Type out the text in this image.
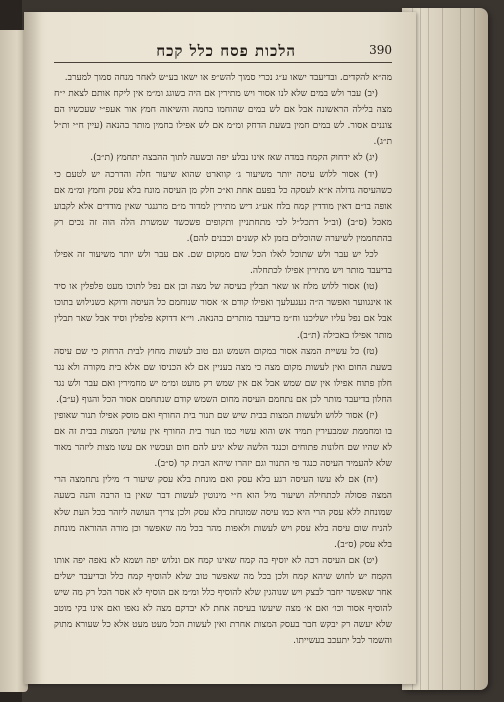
הלכות פסח כלל קכח	390

מה״א להקדים. ובדיעבד ישאו ע״ג נכרי סמוך להש״פ או ישאו בע״ש לאחר מנחה סמוך למערב.

(יב) עבר ולש במים שלא לנו אסור ויש מתירין אם היה בשוגג ומ״מ אין ליקח אותם לצאת י״ח מצה בלילה הראשונה אבל אם לש במים שהוחמו בחמה והשיאוה חמץ אור אעפ״י שעכשיו הם צוננים אסור. לש במים חמין בשעת הדחק ומ״מ אם לש אפילו בחמין מותר בהנאה (עיין ח״י ות״ל ת״ג).

(יג) לא ידחוק הקמח במדה שאז אינו נבלע יפה ובשעה לתוך ההבצה יתחמץ (ת״ב).

(יד) אסור ללוש עיסה יותר משיעור ג׳ קווארט שהוא שיעור חלה והדרכה יש לטעם כי כשהעיסה גדולה א״א לעסקה כל בפעם אחת וא״כ חלק מן העיסה מונח בלא עסק וחמץ ומ״מ אם אופה בו״ם דאין מודדין קמח בלח אע״ג דיש מתירין למדוד מ״ם מרגנגר שאין מודדים אלא לקבוע מאכל (ס״ב) (וב״ל דתכל״ל לכי מתחתניין ותקופים פשכשד שמשרת הלה הוה זה נכים רק בהתחממין לשיערה שהוכלים בזמן לא קשנים וכבנים להם).

לכל יש עבר ולש שתוכל לאלו הכל שום ממקום שם. אם עבר ולש יותר משיעור זה אפילו בדיעבד מותר ויש מתירין אפילו לכתחלה.

(טו) אסור ללוש מלח או שאר תבלין בעיסה של מצה ובן אם נפל לתוכו מעט פלפלין או סיד או אינגווער ואפשר ה״ה נעגעלעך ואפילו קודם א׳ אסור שנוחמם כל העיסה ודוקא כשנילוש בתוכו אבל אם נפל עליו ישליכנו וח״מ בדיעבד מותרים בהנאה. וי״א דדוקא פלפלין וסיד אבל שאר תבלין מותר אפילו באכילה (ת״ב).

(טז) כל עשיית המצה אסור במקום השמש וגם טוב לעשות מחוץ לבית הרחוק כי שם עיסה בשעת החום ואין לעשות מקום מצה כי מצה בעניין אם לא הכניסו שם אלא בית מקורה ולא נגד חלון פתוח אפילו אין שם שמש אבל אם אין שמש רק מועט ומ״מ יש מחמירין ואם עבר ולש נגד החלון בדיעבד מותר לכן אם נתחמם העיסה מחום השמש קודם שנתחמם אסור הכל והגוף (ע״ב).

(יז) אסור ללוש ולעשות המצות בבית שיש שם תנור בית החורף ואם מוסק אפילו תנור שאופין בו ומחממת שמבעירין תמיד אש והוא עשוי כמו תנור בית החורף אין עושין המצות בבית זה אם לא שהיו שם חלונות פתוחים וכנגד הלשה שלא יגיע להם חום ועכשיו אם עשו מצות ליזהר מאוד שלא להעמיד העיסה כנגד פי התנור וגם יזהרו שיהא הבית קר (ס״ב).

(יח) אם לא עשו העיסה רגע בלא עסק ואם מונחת בלא עסק שיעור ד׳ מילין נתחמצה הרי המצה פסולה לכתחילה ושיעור מיל הוא ח״י מינוטין לעשות דבר שאין בו הרבה והנה בשעה שמונחת ללא עסק הרי היא כמו עיסה שמונחת בלא עסק ולכן צריך העושה ליזהר בכל העת שלא להניח שום עיסה בלא עסק ויש לעשות ולאפות מהר בכל מה שאפשר וכן מורה ההוראה מונחת בלא עסק (ס״ב).

(יט) אם העיסה רכה לא יוסיף בה קמח שאינו קמח אם ונלוש יפה ושמא לא נאפה יפה אותו הקמח יש לחוש שיהא קמח ולכן בכל מה שאפשר טוב שלא להוסיף קמח כלל ובדיעבד ישלים אחר שאפשר יחבר לבצק ויש שנוהגין שלא להוסיף כלל ומ״מ אם הוסיף לא אסר הכל רק מה שיש להוסיף אסור וכו׳ ואם א׳ מצה שיעשו בעיסה אחת לא יבדקם מצה לא נאפו ואם אינו בקי מוטב שלא יעשה רק יבקש חבר בעסק המצות אחרת ואין לעשות הכל מעט מעט אלא כל שעורא מתוק והשמר לבל יתעכב בעשייתו.
